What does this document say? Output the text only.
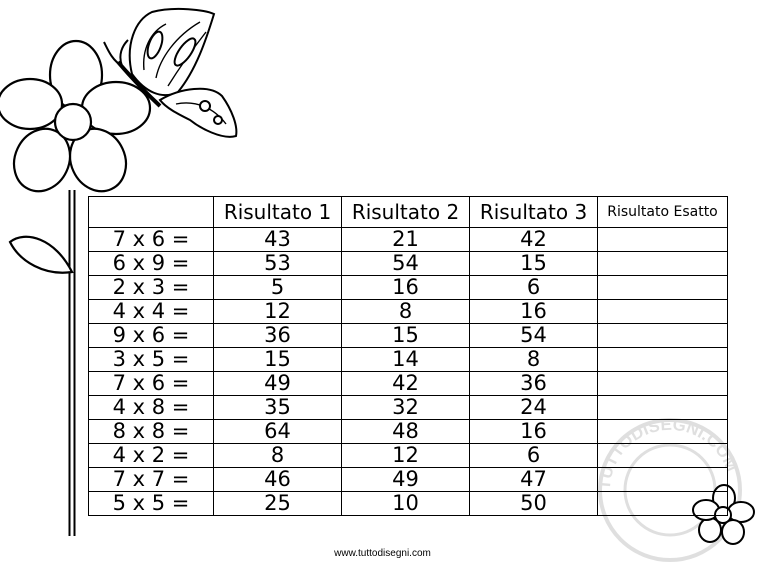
TUTTODISEGNI.COM
	Risultato 1	Risultato 2	Risultato 3	Risultato Esatto
7 x 6 =	43	21	42	
6 x 9 =	53	54	15	
2 x 3 =	5	16	6	
4 x 4 =	12	8	16	
9 x 6 =	36	15	54	
3 x 5 =	15	14	8	
7 x 6 =	49	42	36	
4 x 8 =	35	32	24	
8 x 8 =	64	48	16	
4 x 2 =	8	12	6	
7 x 7 =	46	49	47	
5 x 5 =	25	10	50	
www.tuttodisegni.com
